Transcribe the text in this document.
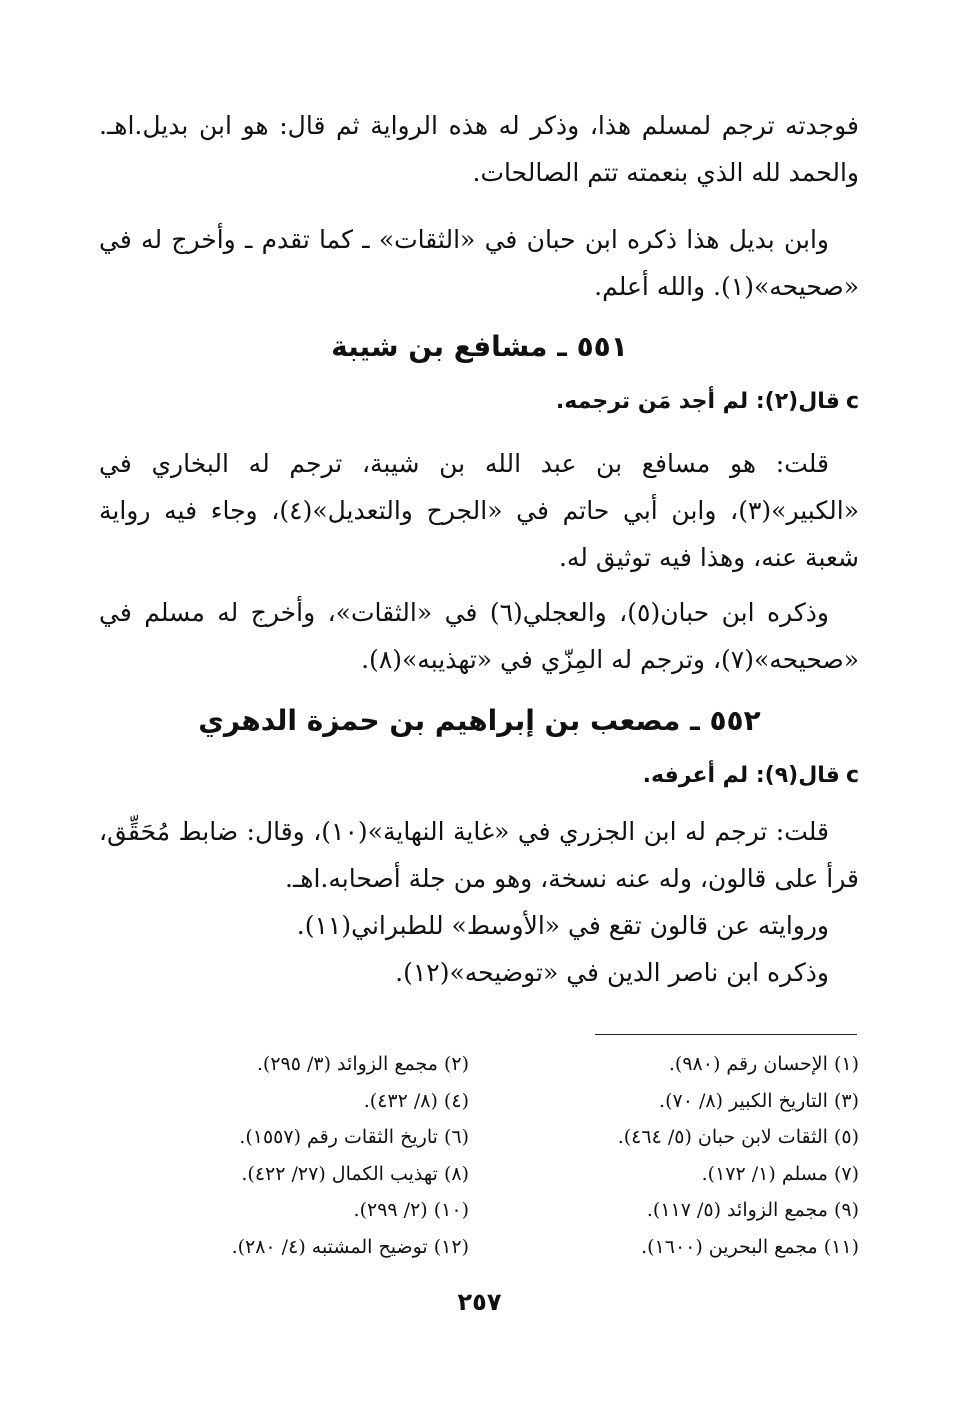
فوجدته ترجم لمسلم هذا، وذكر له هذه الرواية ثم قال: هو ابن بديل.اهـ. والحمد لله الذي بنعمته تتم الصالحات.

وابن بديل هذا ذكره ابن حبان في «الثقات» ـ كما تقدم ـ وأخرج له في «صحيحه»(١). والله أعلم.

٥٥١ ـ مشافع بن شيبة

cقال(٢): لم أجد مَن ترجمه.

قلت: هو مسافع بن عبد الله بن شيبة، ترجم له البخاري في «الكبير»(٣)، وابن أبي حاتم في «الجرح والتعديل»(٤)، وجاء فيه رواية شعبة عنه، وهذا فيه توثيق له.

وذكره ابن حبان(٥)، والعجلي(٦) في «الثقات»، وأخرج له مسلم في «صحيحه»(٧)، وترجم له المِزّي في «تهذيبه»(٨).

٥٥٢ ـ مصعب بن إبراهيم بن حمزة الدهري

cقال(٩): لم أعرفه.

قلت: ترجم له ابن الجزري في «غاية النهاية»(١٠)، وقال: ضابط مُحَقِّق، قرأ على قالون، وله عنه نسخة، وهو من جلة أصحابه.اهـ.

وروايته عن قالون تقع في «الأوسط» للطبراني(١١).

وذكره ابن ناصر الدين في «توضيحه»(١٢).

(١) الإحسان رقم (٩٨٠).
(٣) التاريخ الكبير (٨/ ٧٠).
(٥) الثقات لابن حبان (٥/ ٤٦٤).
(٧) مسلم (١/ ١٧٢).
(٩) مجمع الزوائد (٥/ ١١٧).
(١١) مجمع البحرين (١٦٠٠).
(٢) مجمع الزوائد (٣/ ٢٩٥).
(٤) (٨/ ٤٣٢).
(٦) تاريخ الثقات رقم (١٥٥٧).
(٨) تهذيب الكمال (٢٧/ ٤٢٢).
(١٠) (٢/ ٢٩٩).
(١٢) توضيح المشتبه (٤/ ٢٨٠).
٢٥٧
